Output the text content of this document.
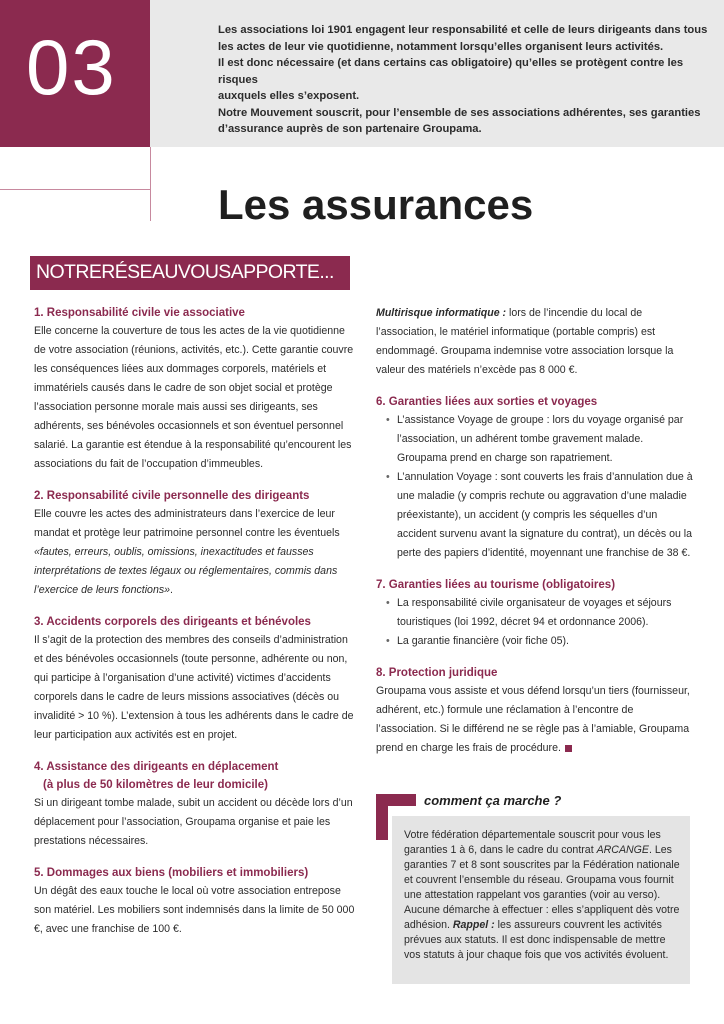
03	Les associations loi 1901 engagent leur responsabilité et celle de leurs dirigeants dans tous
les actes de leur vie quotidienne, notamment lorsqu’elles organisent leurs activités.
Il est donc nécessaire (et dans certains cas obligatoire) qu’elles se protègent contre les risques
auxquels elles s’exposent.
Notre Mouvement souscrit, pour l’ensemble de ses associations adhérentes, ses garanties
d’assurance auprès de son partenaire Groupama.

Les assurances
NOTRERÉSEAUVOUSAPPORTE...
1. Responsabilité civile vie associative

Elle concerne la couverture de tous les actes de la vie quotidienne de votre association (réunions, activités, etc.). Cette garantie couvre les conséquences liées aux dommages corporels, matériels et immatériels causés dans le cadre de son objet social et protège l’association personne morale mais aussi ses dirigeants, ses adhérents, ses bénévoles occasionnels et son éventuel personnel salarié. La garantie est étendue à la responsabilité qu’encourent les associations du fait de l’occupation d’immeubles.

2. Responsabilité civile personnelle des dirigeants

Elle couvre les actes des administrateurs dans l’exercice de leur mandat et protège leur patrimoine personnel contre les éventuels «fautes, erreurs, oublis, omissions, inexactitudes et fausses interprétations de textes légaux ou réglementaires, commis dans l’exercice de leurs fonctions».

3. Accidents corporels des dirigeants et bénévoles

Il s’agit de la protection des membres des conseils d’administration et des bénévoles occasionnels (toute personne, adhérente ou non, qui participe à l’organisation d’une activité) victimes d’accidents corporels dans le cadre de leurs missions associatives (décès ou invalidité > 10 %). L’extension à tous les adhérents dans le cadre de leur participation aux activités est en projet.

4. Assistance des dirigeants en déplacement
(à plus de 50 kilomètres de leur domicile)

Si un dirigeant tombe malade, subit un accident ou décède lors d’un déplacement pour l’association, Groupama organise et paie les prestations nécessaires.

5. Dommages aux biens (mobiliers et immobiliers)

Un dégât des eaux touche le local où votre association entrepose son matériel. Les mobiliers sont indemnisés dans la limite de 50 000 €, avec une franchise de 100 €.

Multirisque informatique : lors de l’incendie du local de l’association, le matériel informatique (portable compris) est endommagé. Groupama indemnise votre association lorsque la valeur des matériels n’excède pas 8 000 €.

6. Garanties liées aux sorties et voyages
• L’assistance Voyage de groupe : lors du voyage organisé par l’association, un adhérent tombe gravement malade. Groupama prend en charge son rapatriement.
• L’annulation Voyage : sont couverts les frais d’annulation due à une maladie (y compris rechute ou aggravation d’une maladie préexistante), un accident (y compris les séquelles d’un accident survenu avant la signature du contrat), un décès ou la perte des papiers d’identité, moyennant une franchise de 38 €.
7. Garanties liées au tourisme (obligatoires)
• La responsabilité civile organisateur de voyages et séjours touristiques (loi 1992, décret 94 et ordonnance 2006).
• La garantie financière (voir fiche 05).
8. Protection juridique

Groupama vous assiste et vous défend lorsqu’un tiers (fournisseur, adhérent, etc.) formule une réclamation à l’encontre de l’association. Si le différend ne se règle pas à l’amiable, Groupama prend en charge les frais de procédure.

comment ça marche ?

Votre fédération départementale souscrit pour vous les garanties 1 à 6, dans le cadre du contrat ARCANGE. Les garanties 7 et 8 sont souscrites par la Fédération nationale et couvrent l’ensemble du réseau. Groupama vous fournit une attestation rappelant vos garanties (voir au verso). Aucune démarche à effectuer : elles s’appliquent dès votre adhésion. Rappel : les assureurs couvrent les activités prévues aux statuts. Il est donc indispensable de mettre vos statuts à jour chaque fois que vos activités évoluent.
